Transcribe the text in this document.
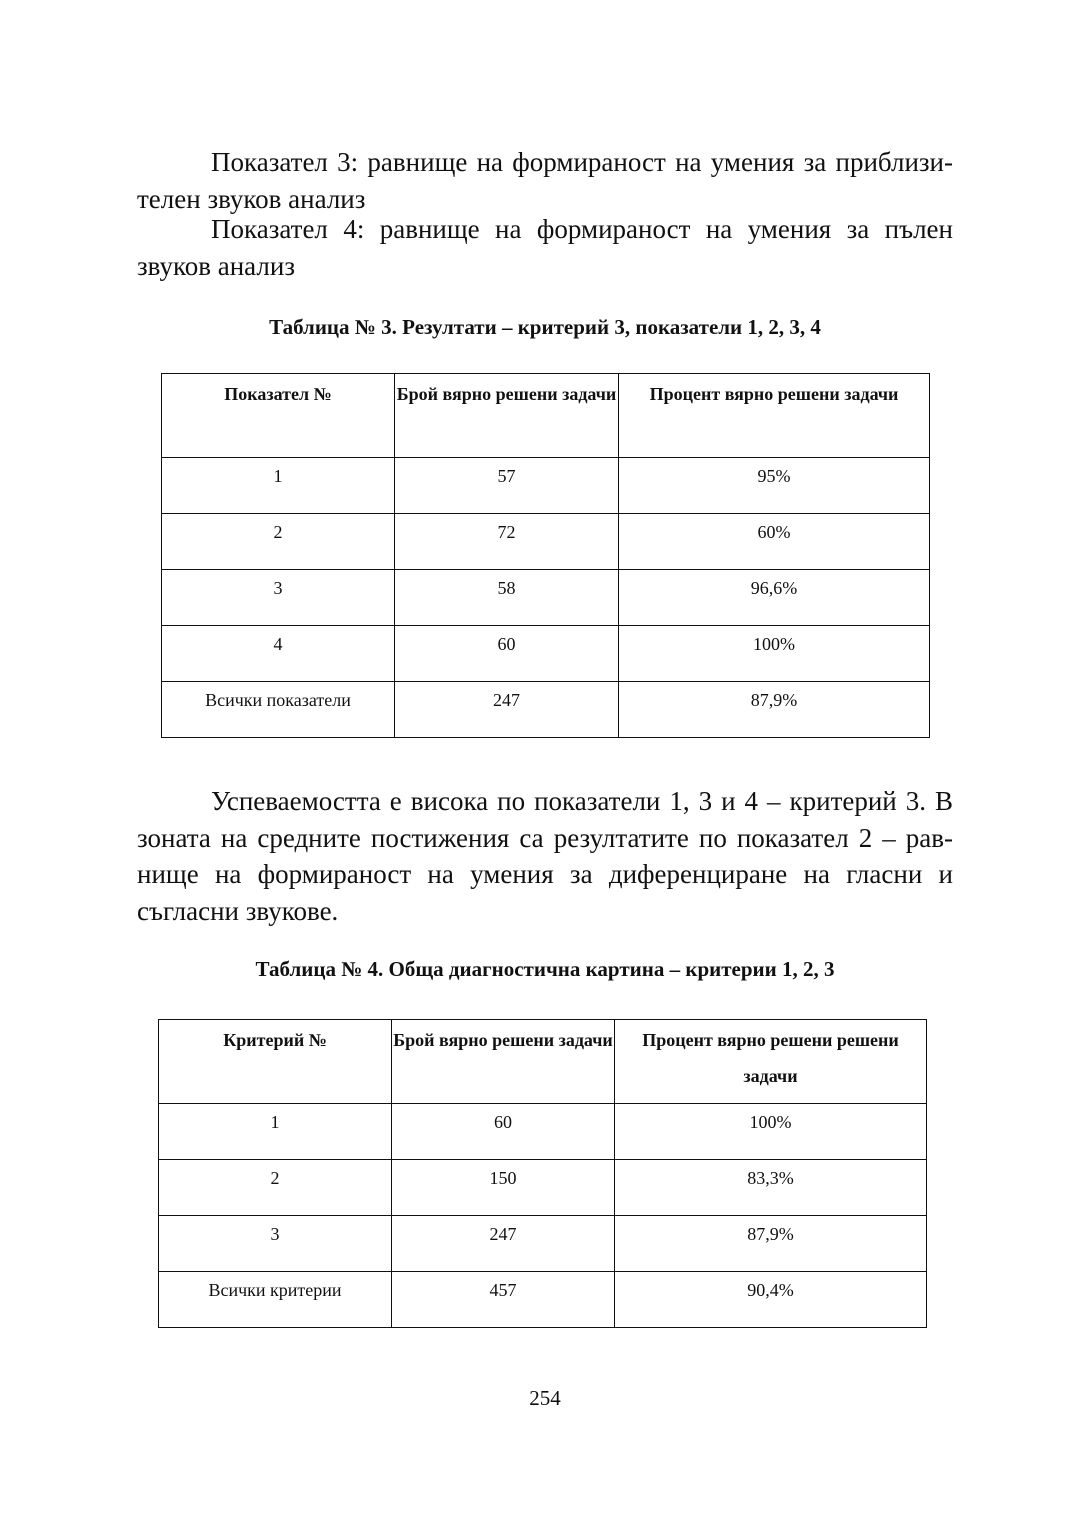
Показател 3: равнище на формираност на умения за приблизи- телен звуков анализ

Показател 4: равнище на формираност на умения за пълен звуков анализ

Таблица № 3. Резултати – критерий 3, показатели 1, 2, 3, 4

Показател №	Брой вярно решени задачи	Процент вярно решени задачи
1	57	95%
2	72	60%
3	58	96,6%
4	60	100%
Всички показатели	247	87,9%

Успеваемостта е висока по показатели 1, 3 и 4 – критерий 3. В зоната на средните постижения са резултатите по показател 2 – рав- нище на формираност на умения за диференциране на гласни и съгласни звукове.

Таблица № 4. Обща диагностична картина – критерии 1, 2, 3

Критерий №	Брой вярно решени задачи	Процент вярно решени решени задачи
1	60	100%
2	150	83,3%
3	247	87,9%
Всички критерии	457	90,4%
254
